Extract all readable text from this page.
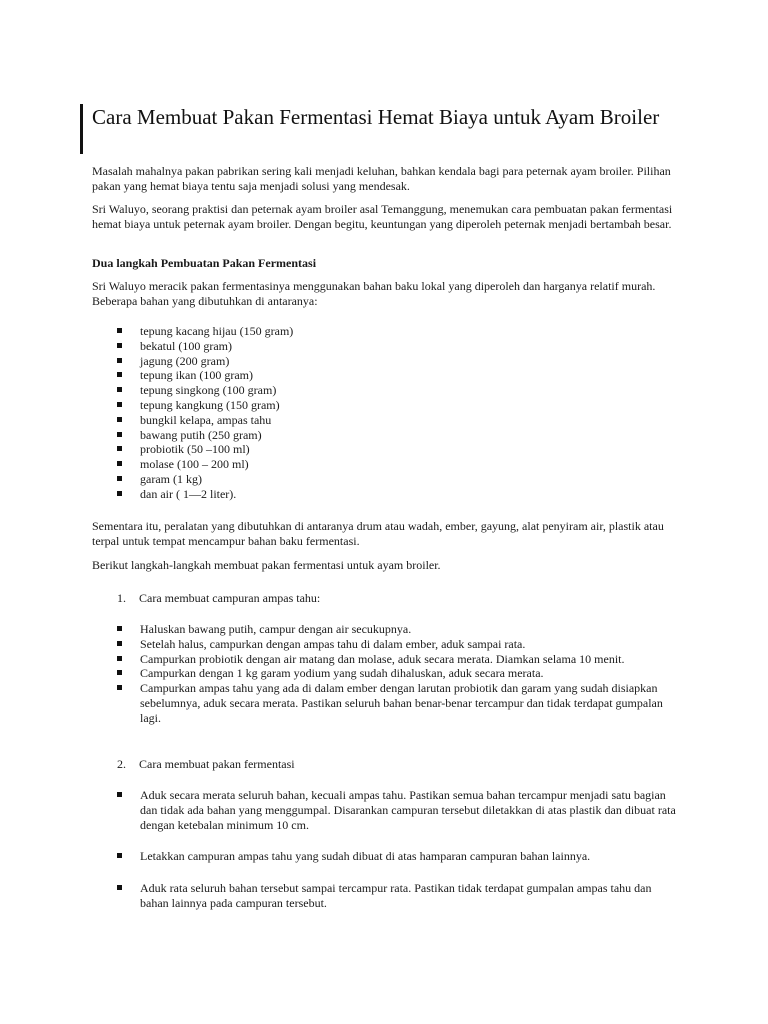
Cara Membuat Pakan Fermentasi Hemat Biaya untuk Ayam Broiler

Masalah mahalnya pakan pabrikan sering kali menjadi keluhan, bahkan kendala bagi para peternak ayam broiler. Pilihan pakan yang hemat biaya tentu saja menjadi solusi yang mendesak.

Sri Waluyo, seorang praktisi dan peternak ayam broiler asal Temanggung, menemukan cara pembuatan pakan fermentasi hemat biaya untuk peternak ayam broiler. Dengan begitu, keuntungan yang diperoleh peternak menjadi bertambah besar.

Dua langkah Pembuatan Pakan Fermentasi

Sri Waluyo meracik pakan fermentasinya menggunakan bahan baku lokal yang diperoleh dan harganya relatif murah. Beberapa bahan yang dibutuhkan di antaranya:

tepung kacang hijau (150 gram)
bekatul (100 gram)
jagung (200 gram)
tepung ikan (100 gram)
tepung singkong (100 gram)
tepung kangkung (150 gram)
bungkil kelapa, ampas tahu
bawang putih (250 gram)
probiotik (50 –100 ml)
molase (100 – 200 ml)
garam (1 kg)
dan air ( 1—2 liter).

Sementara itu, peralatan yang dibutuhkan di antaranya drum atau wadah, ember, gayung, alat penyiram air, plastik atau terpal untuk tempat mencampur bahan baku fermentasi.

Berikut langkah-langkah membuat pakan fermentasi untuk ayam broiler.

1. Cara membuat campuran ampas tahu:

Haluskan bawang putih, campur dengan air secukupnya.
Setelah halus, campurkan dengan ampas tahu di dalam ember, aduk sampai rata.
Campurkan probiotik dengan air matang dan molase, aduk secara merata. Diamkan selama 10 menit.
Campurkan dengan 1 kg garam yodium yang sudah dihaluskan, aduk secara merata.
Campurkan ampas tahu yang ada di dalam ember dengan larutan probiotik dan garam yang sudah disiapkan sebelumnya, aduk secara merata. Pastikan seluruh bahan benar-benar tercampur dan tidak terdapat gumpalan lagi.

2. Cara membuat pakan fermentasi

Aduk secara merata seluruh bahan, kecuali ampas tahu. Pastikan semua bahan tercampur menjadi satu bagian dan tidak ada bahan yang menggumpal. Disarankan campuran tersebut diletakkan di atas plastik dan dibuat rata dengan ketebalan minimum 10 cm.
Letakkan campuran ampas tahu yang sudah dibuat di atas hamparan campuran bahan lainnya.
Aduk rata seluruh bahan tersebut sampai tercampur rata. Pastikan tidak terdapat gumpalan ampas tahu dan bahan lainnya pada campuran tersebut.
